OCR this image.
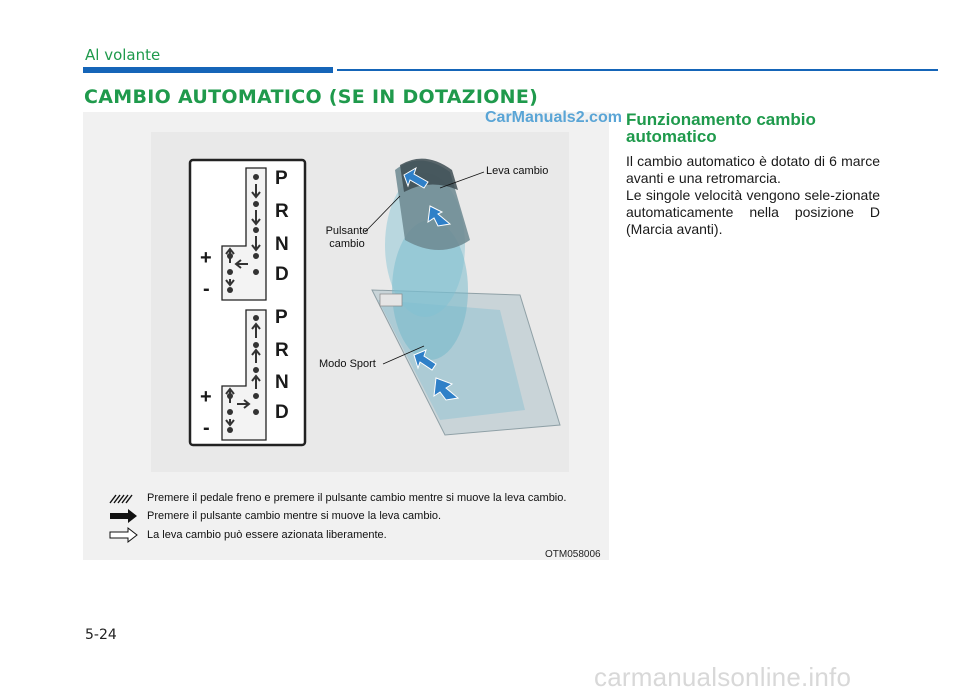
Al volante
CAMBIO AUTOMATICO (SE IN DOTAZIONE)
P
R
N
D
+
-
P
R
N
D
+
-
CarManuals2.com
Leva cambio
Pulsante
cambio
Modo Sport
Premere il pedale freno e premere il pulsante cambio mentre si muove la leva cambio.
Premere il pulsante cambio mentre si muove la leva cambio.
La leva cambio può essere azionata liberamente.
OTM058006
Funzionamento cambio automatico
Il cambio automatico è dotato di 6 marce avanti e una retromarcia.
Le singole velocità vengono sele-zionate automaticamente nella posizione D (Marcia avanti).
5-24
carmanualsonline.info
